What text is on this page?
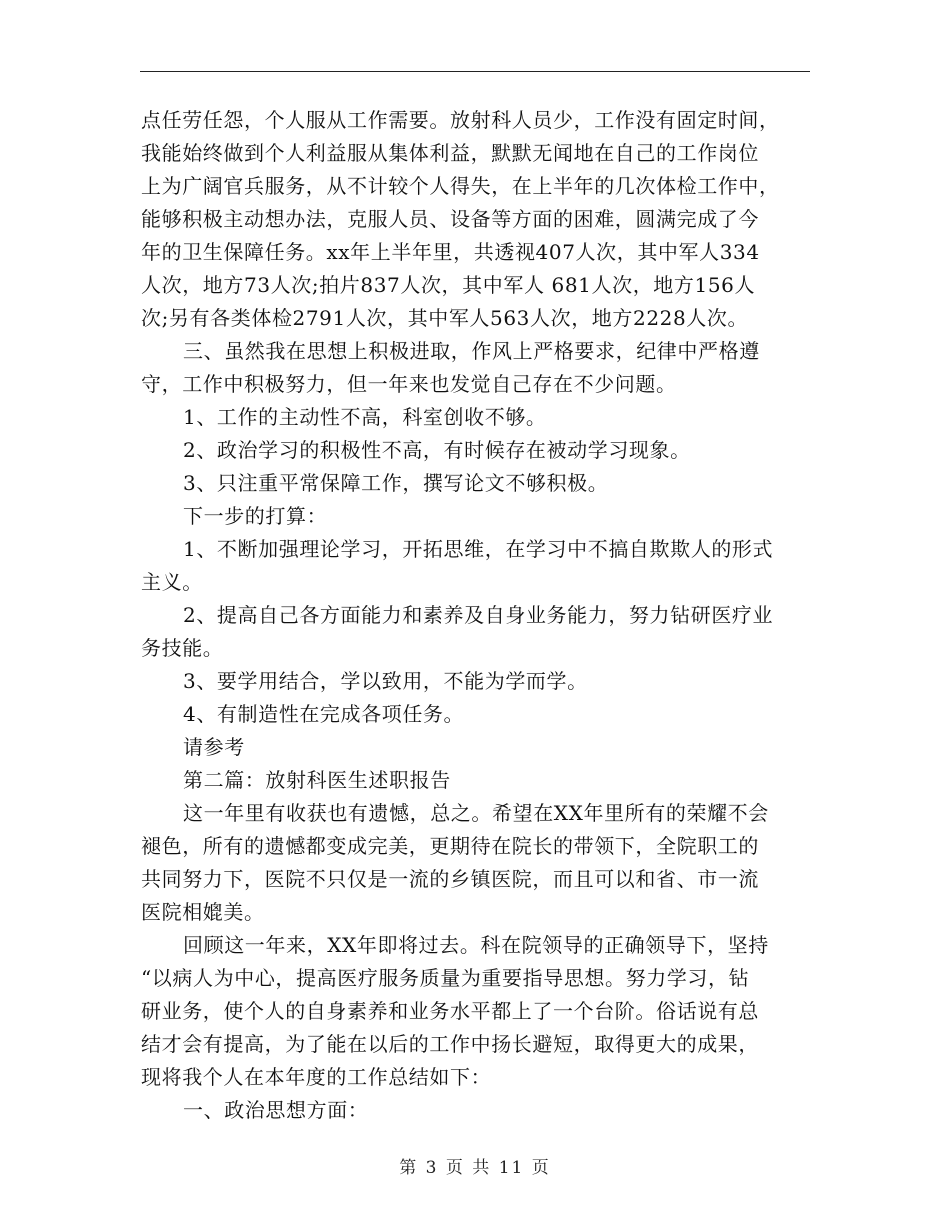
点任劳任怨，个人服从工作需要。放射科人员少，工作没有固定时间，
我能始终做到个人利益服从集体利益，默默无闻地在自己的工作岗位
上为广阔官兵服务，从不计较个人得失，在上半年的几次体检工作中，
能够积极主动想办法，克服人员、设备等方面的困难，圆满完成了今
年的卫生保障任务。xx年上半年里，共透视407人次，其中军人334
人次，地方73人次;拍片837人次，其中军人 681人次，地方156人
次;另有各类体检2791人次，其中军人563人次，地方2228人次。
三、虽然我在思想上积极进取，作风上严格要求，纪律中严格遵
守，工作中积极努力，但一年来也发觉自己存在不少问题。
1、工作的主动性不高，科室创收不够。
2、政治学习的积极性不高，有时候存在被动学习现象。
3、只注重平常保障工作，撰写论文不够积极。
下一步的打算：
1、不断加强理论学习，开拓思维，在学习中不搞自欺欺人的形式
主义。
2、提高自己各方面能力和素养及自身业务能力，努力钻研医疗业
务技能。
3、要学用结合，学以致用，不能为学而学。
4、有制造性在完成各项任务。
请参考
第二篇：放射科医生述职报告
这一年里有收获也有遗憾，总之。希望在XX年里所有的荣耀不会
褪色，所有的遗憾都变成完美，更期待在院长的带领下，全院职工的
共同努力下，医院不只仅是一流的乡镇医院，而且可以和省、市一流
医院相媲美。
回顾这一年来，XX年即将过去。科在院领导的正确领导下，坚持
“以病人为中心，提高医疗服务质量为重要指导思想。努力学习，钻
研业务，使个人的自身素养和业务水平都上了一个台阶。俗话说有总
结才会有提高，为了能在以后的工作中扬长避短，取得更大的成果，
现将我个人在本年度的工作总结如下：
一、政治思想方面：
第 3 页 共 11 页
